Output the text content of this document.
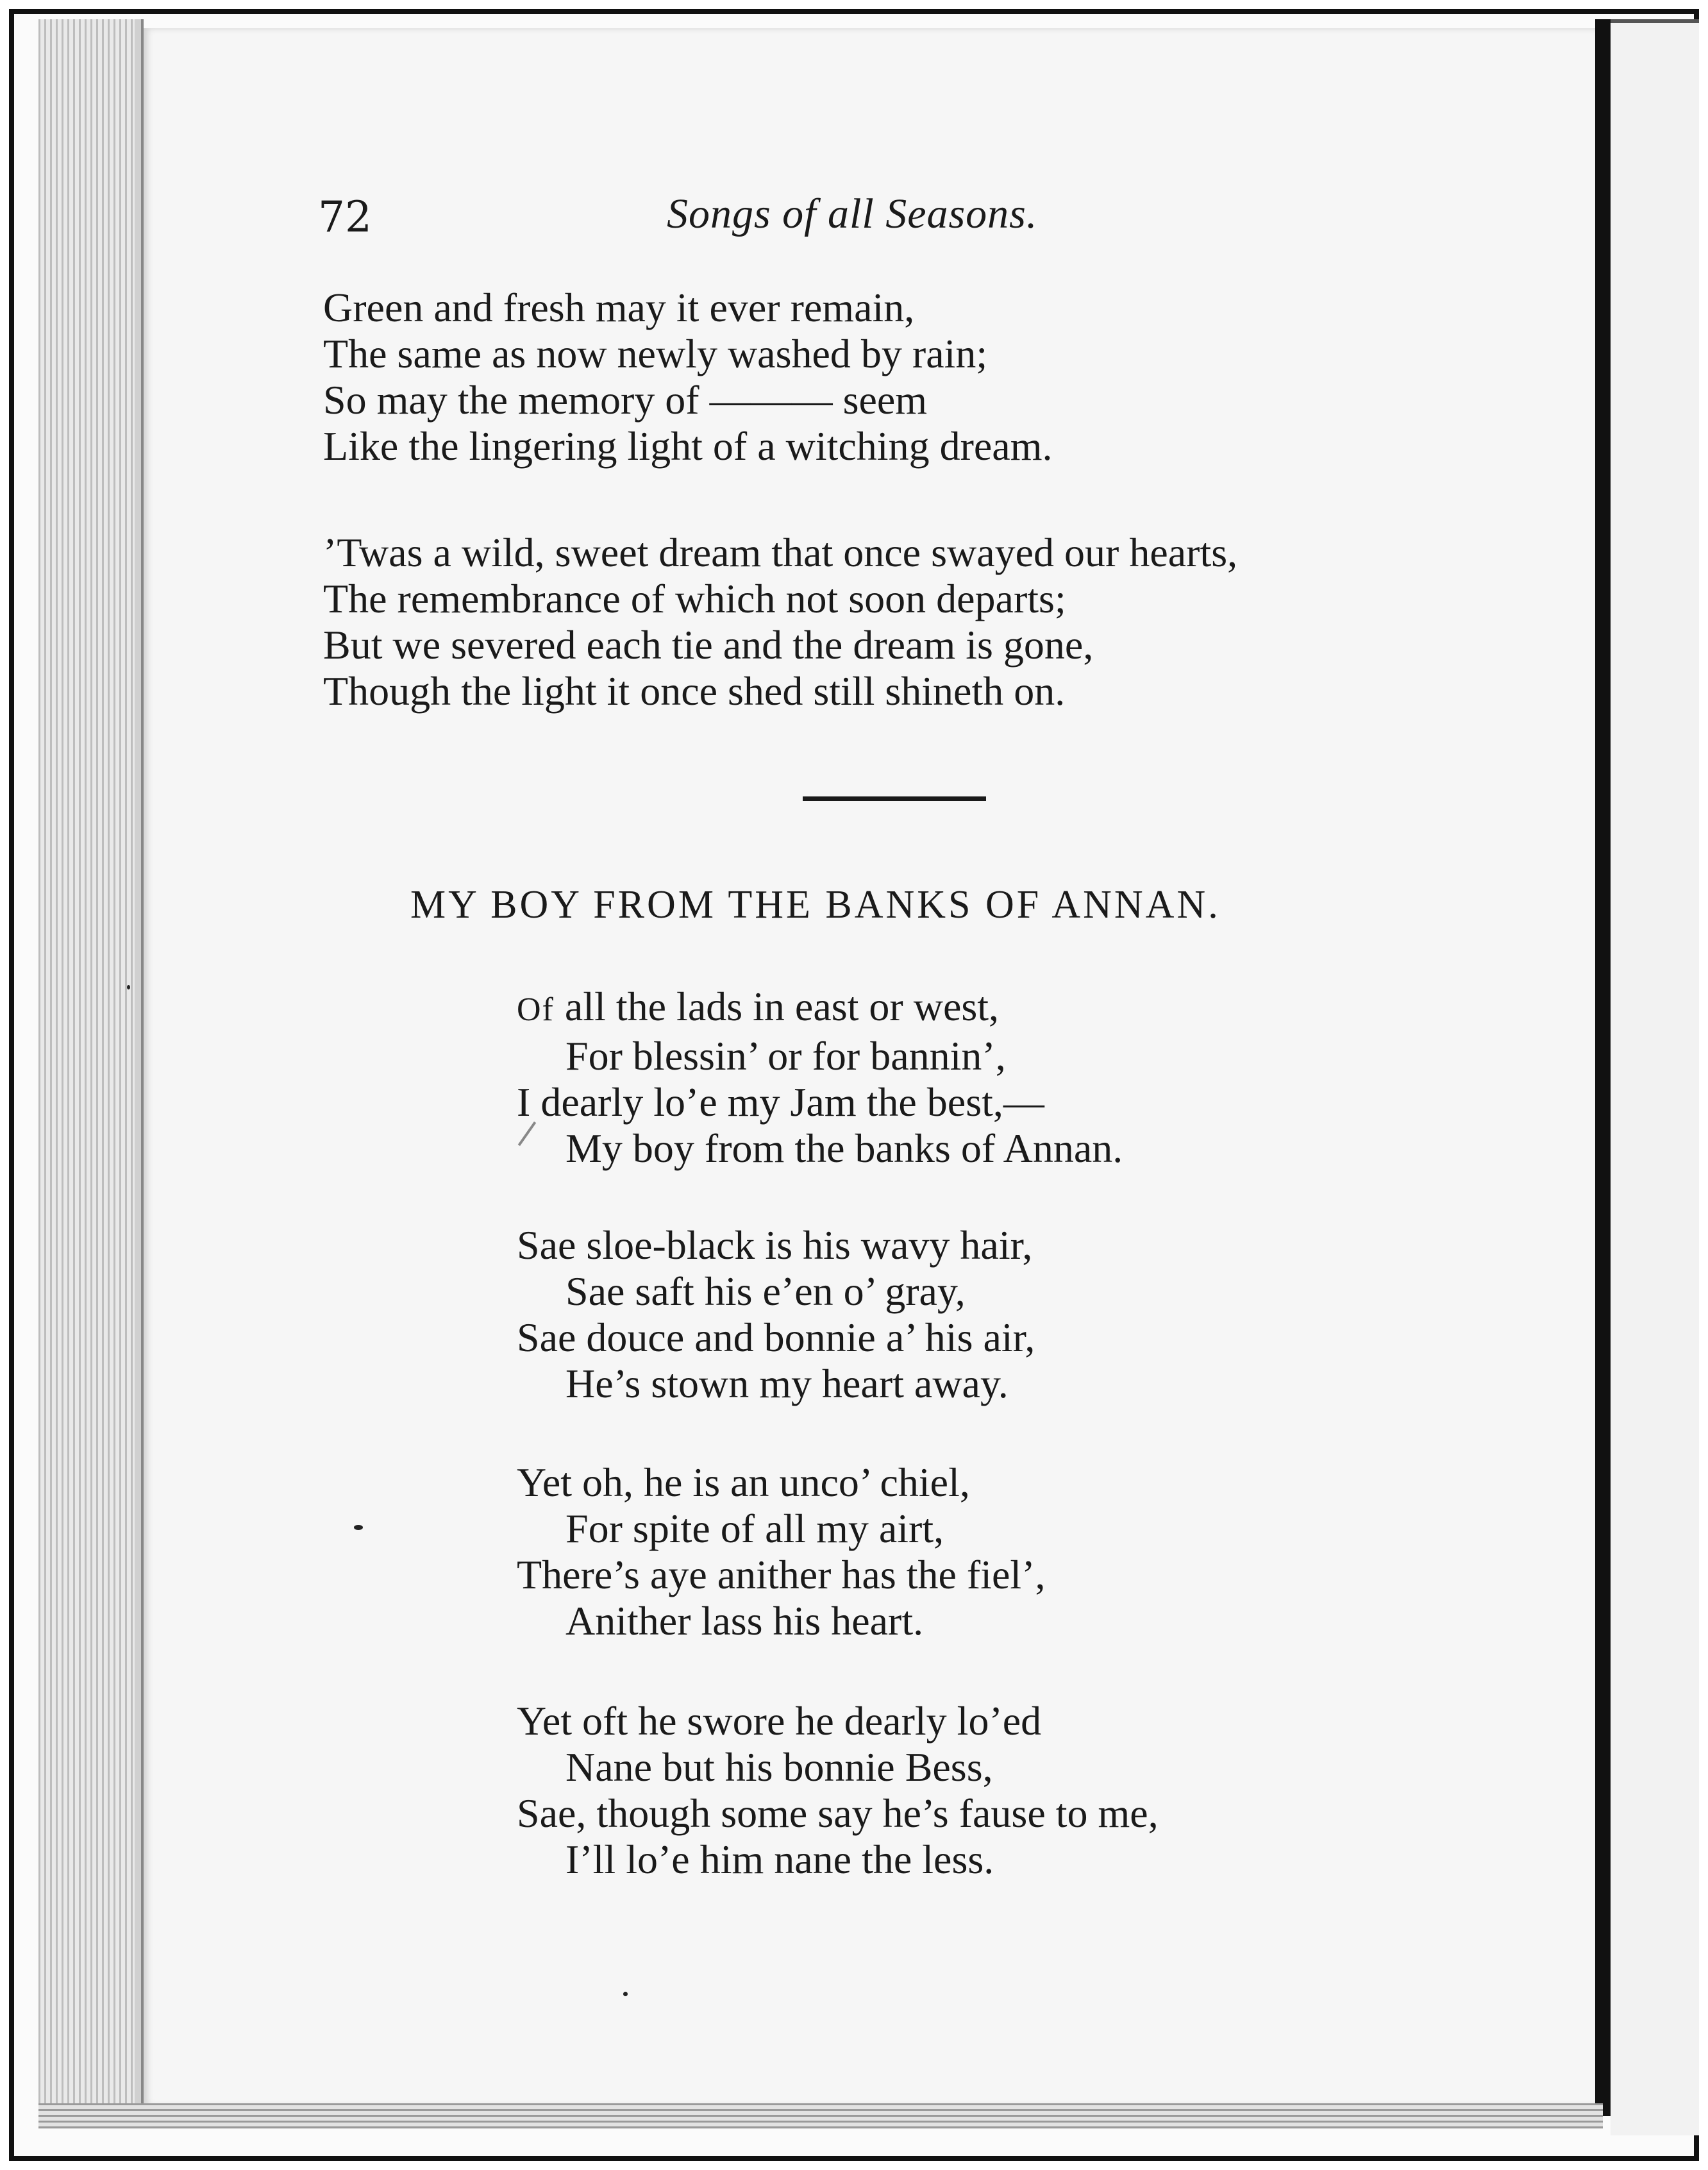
72	Songs of all Seasons.
Green and fresh may it ever remain,
The same as now newly washed by rain;
So may the memory of ——— seem
Like the lingering light of a witching dream.
’Twas a wild, sweet dream that once swayed our hearts,
The remembrance of which not soon departs;
But we severed each tie and the dream is gone,
Though the light it once shed still shineth on.
MY BOY FROM THE BANKS OF ANNAN.
Of all the lads in east or west,
For blessin’ or for bannin’,
I dearly lo’e my Jam the best,—
My boy from the banks of Annan.
Sae sloe-black is his wavy hair,
Sae saft his e’en o’ gray,
Sae douce and bonnie a’ his air,
He’s stown my heart away.
Yet oh, he is an unco’ chiel,
For spite of all my airt,
There’s aye anither has the fiel’,
Anither lass his heart.
Yet oft he swore he dearly lo’ed
Nane but his bonnie Bess,
Sae, though some say he’s fause to me,
I’ll lo’e him nane the less.
